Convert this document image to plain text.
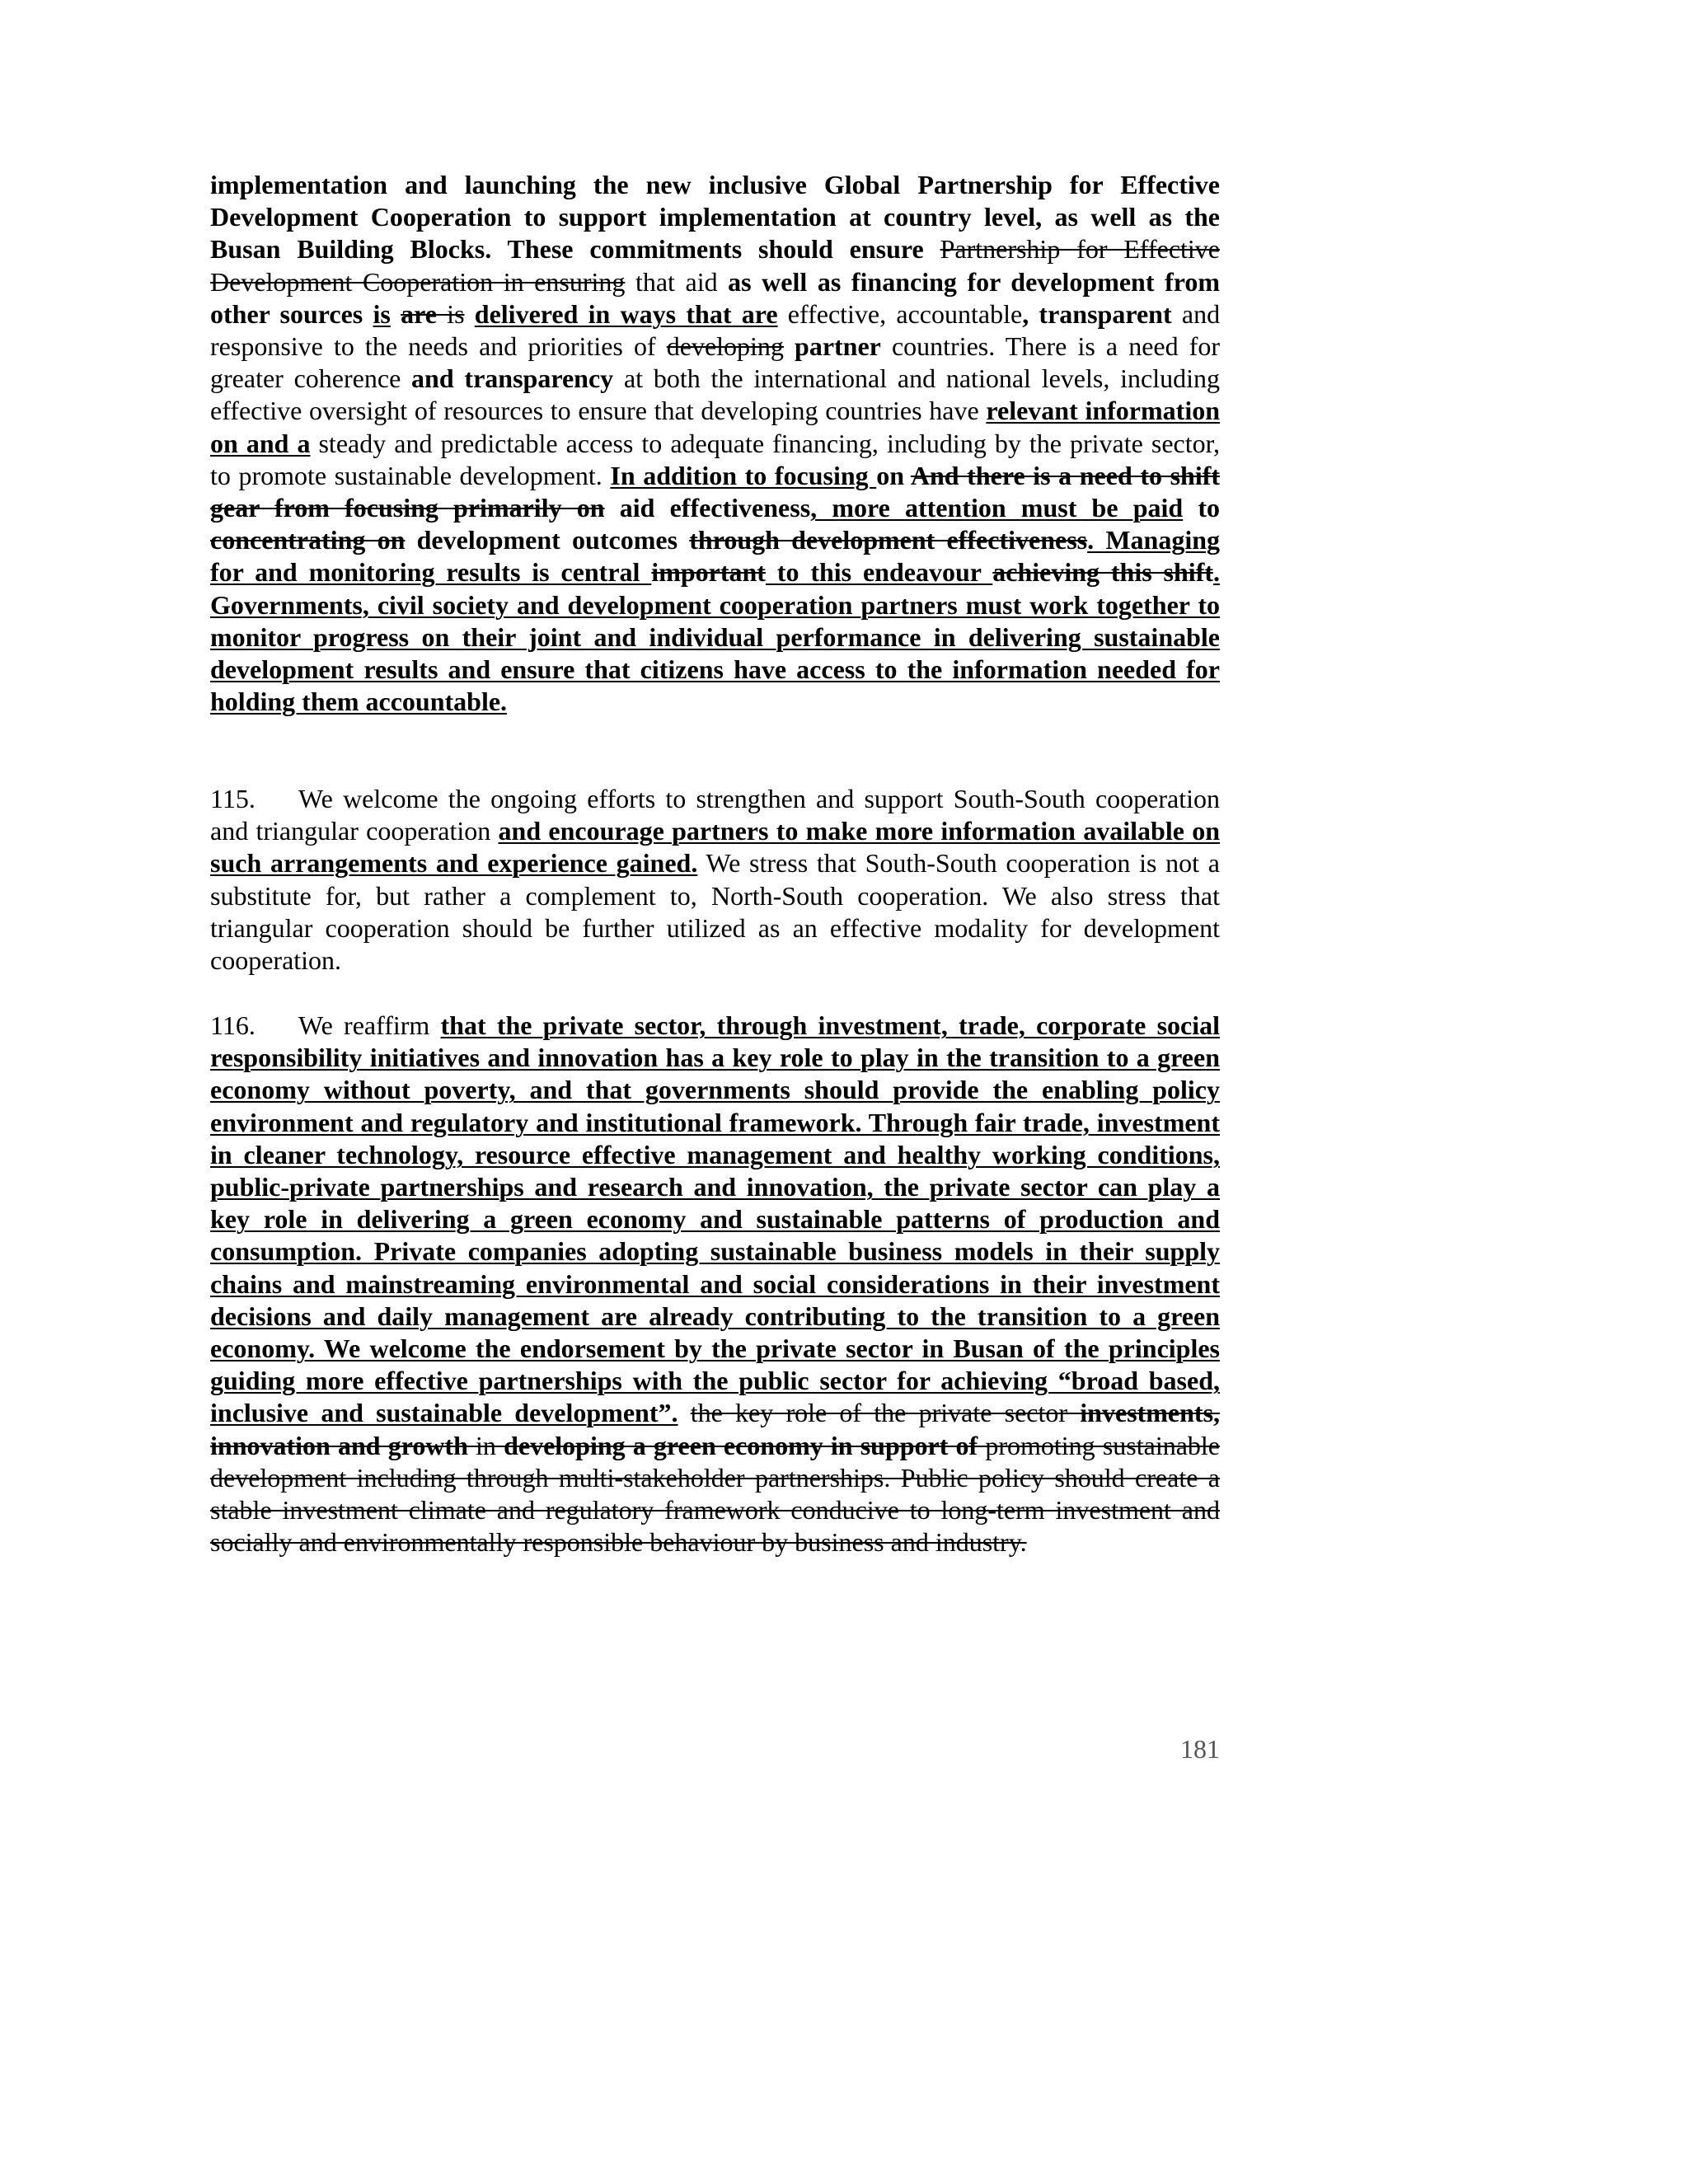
implementation and launching the new inclusive Global Partnership for Effective Development Cooperation to support implementation at country level, as well as the Busan Building Blocks. These commitments should ensure Partnership for Effective Development Cooperation in ensuring that aid as well as financing for development from other sources is are is delivered in ways that are effective, accountable, transparent and responsive to the needs and priorities of developing partner countries. There is a need for greater coherence and transparency at both the international and national levels, including effective oversight of resources to ensure that developing countries have relevant information on and a steady and predictable access to adequate financing, including by the private sector, to promote sustainable development. In addition to focusing on And there is a need to shift gear from focusing primarily on aid effectiveness, more attention must be paid to concentrating on development outcomes through development effectiveness. Managing for and monitoring results is central important to this endeavour achieving this shift. Governments, civil society and development cooperation partners must work together to monitor progress on their joint and individual performance in delivering sustainable development results and ensure that citizens have access to the information needed for holding them accountable.
115. We welcome the ongoing efforts to strengthen and support South-South cooperation and triangular cooperation and encourage partners to make more information available on such arrangements and experience gained. We stress that South-South cooperation is not a substitute for, but rather a complement to, North-South cooperation. We also stress that triangular cooperation should be further utilized as an effective modality for development cooperation.
116. We reaffirm that the private sector, through investment, trade, corporate social responsibility initiatives and innovation has a key role to play in the transition to a green economy without poverty, and that governments should provide the enabling policy environment and regulatory and institutional framework. Through fair trade, investment in cleaner technology, resource effective management and healthy working conditions, public-private partnerships and research and innovation, the private sector can play a key role in delivering a green economy and sustainable patterns of production and consumption. Private companies adopting sustainable business models in their supply chains and mainstreaming environmental and social considerations in their investment decisions and daily management are already contributing to the transition to a green economy. We welcome the endorsement by the private sector in Busan of the principles guiding more effective partnerships with the public sector for achieving “broad based, inclusive and sustainable development”. the key role of the private sector investments, innovation and growth in developing a green economy in support of promoting sustainable development including through multi-stakeholder partnerships. Public policy should create a stable investment climate and regulatory framework conducive to long-term investment and socially and environmentally responsible behaviour by business and industry.
181
